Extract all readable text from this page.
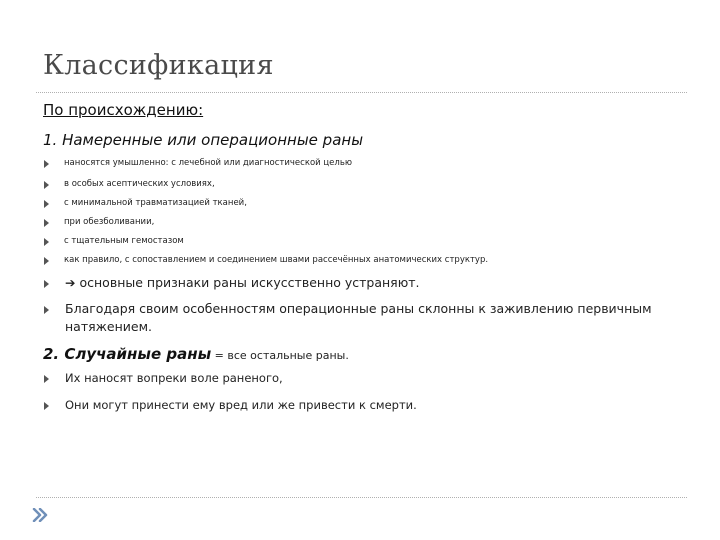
Классификация
По происхождению:
1. Намеренные или операционные раны
наносятся умышленно: с лечебной или диагностической целью
в особых асептических условиях,
с минимальной травматизацией тканей,
при обезболивании,
с тщательным гемостазом
как правило, с сопоставлением и соединением швами рассечённых анатомических структур.
➔ основные признаки раны искусственно устраняют.
Благодаря своим особенностям операционные раны склонны к заживлению первичным
натяжением.
2. Случайные раны = все остальные раны.
Их наносят вопреки воле раненого,
Они могут принести ему вред или же привести к смерти.
